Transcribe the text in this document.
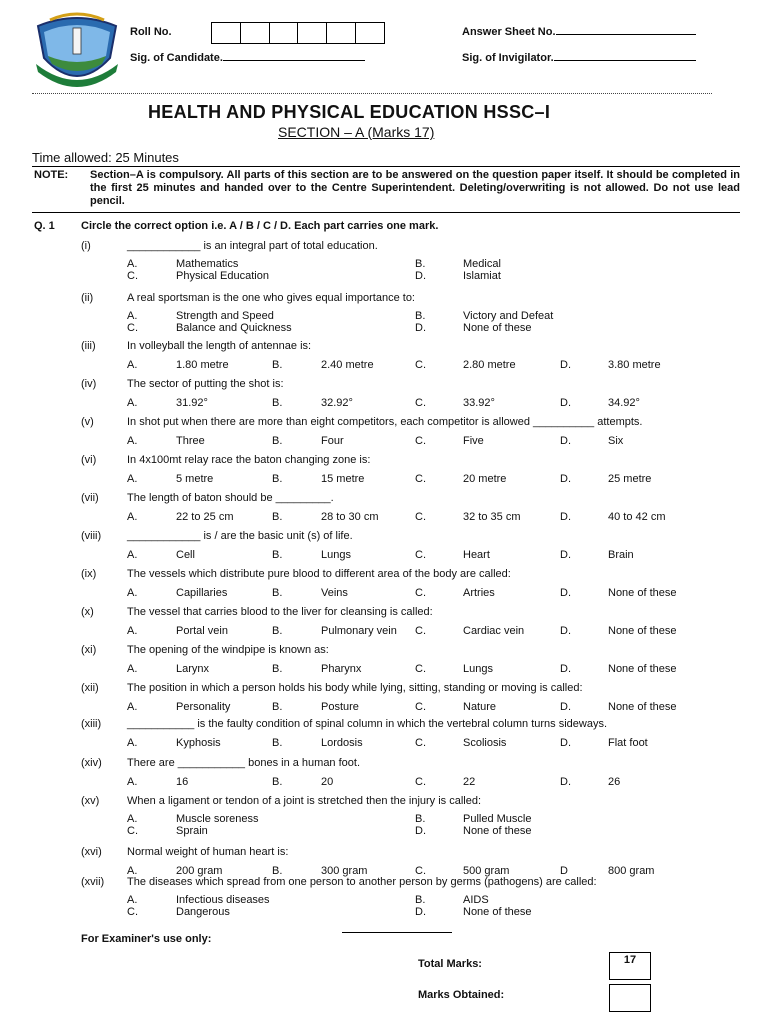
Roll No.	Answer Sheet No.
Sig. of Candidate.	Sig. of Invigilator.
HEALTH AND PHYSICAL EDUCATION HSSC–I
SECTION – A (Marks 17)
Time allowed: 25 Minutes
NOTE: Section–A is compulsory. All parts of this section are to be answered on the question paper itself. It should be completed in the first 25 minutes and handed over to the Centre Superintendent. Deleting/overwriting is not allowed. Do not use lead pencil.
Q. 1 Circle the correct option i.e. A / B / C / D. Each part carries one mark.
(i)	____________ is an integral part of total education.
A.	Mathematics	B.	Medical
C.	Physical Education	D.	Islamiat
(ii)	A real sportsman is the one who gives equal importance to:
A.	Strength and Speed	B.	Victory and Defeat
C.	Balance and Quickness	D.	None of these
(iii)	In volleyball the length of antennae is:
A.	1.80 metre	B.	2.40 metre	C.	2.80 metre	D.	3.80 metre
(iv)	The sector of putting the shot is:
A.	31.92°	B.	32.92°	C.	33.92°	D.	34.92°
(v)	In shot put when there are more than eight competitors, each competitor is allowed __________ attempts.
A.	Three	B.	Four	C.	Five	D.	Six
(vi)	In 4x100mt relay race the baton changing zone is:
A.	5 metre	B.	15 metre	C.	20 metre	D.	25 metre
(vii)	The length of baton should be _________.
A.	22 to 25 cm	B.	28 to 30 cm	C.	32 to 35 cm	D.	40 to 42 cm
(viii) ____________ is / are the basic unit (s) of life.
A.	Cell	B.	Lungs	C.	Heart	D.	Brain
(ix)	The vessels which distribute pure blood to different area of the body are called:
A.	Capillaries	B.	Veins	C.	Artries	D.	None of these
(x)	The vessel that carries blood to the liver for cleansing is called:
A.	Portal vein	B.	Pulmonary vein C.	Cardiac vein	D.	None of these
(xi)	The opening of the windpipe is known as:
A.	Larynx	B.	Pharynx	C.	Lungs	D.	None of these
(xii)	The position in which a person holds his body while lying, sitting, standing or moving is called:
A.	Personality	B.	Posture	C.	Nature	D.	None of these
(xiii) ___________ is the faulty condition of spinal column in which the vertebral column turns sideways.
A.	Kyphosis	B.	Lordosis	C.	Scoliosis	D.	Flat foot
(xiv) There are ___________ bones in a human foot.
A.	16	B.	20	C.	22	D.	26
(xv)	When a ligament or tendon of a joint is stretched then the injury is called:
A.	Muscle soreness	B.	Pulled Muscle
C.	Sprain	D.	None of these
(xvi) Normal weight of human heart is:
A.	200 gram	B.	300 gram	C.	500 gram	D	800 gram
(xvii) The diseases which spread from one person to another person by germs (pathogens) are called:
A.	Infectious diseases	B.	AIDS
C.	Dangerous	D.	None of these
For Examiner's use only:
Total Marks:	17
Marks Obtained:
